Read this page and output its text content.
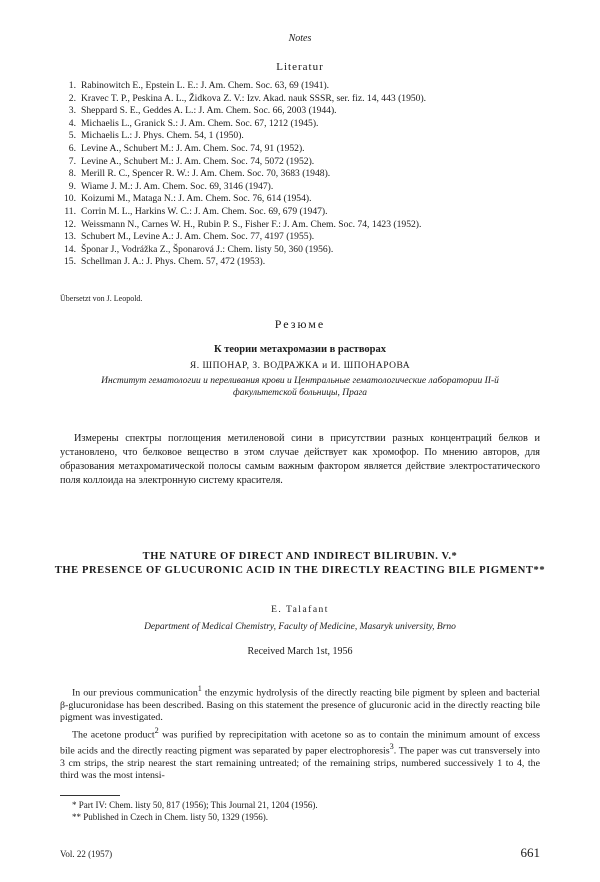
Notes
Literatur
1. Rabinowitch E., Epstein L. E.: J. Am. Chem. Soc. 63, 69 (1941).
2. Kravec T. P., Peskina A. L., Židkova Z. V.: Izv. Akad. nauk SSSR, ser. fiz. 14, 443 (1950).
3. Sheppard S. E., Geddes A. L.: J. Am. Chem. Soc. 66, 2003 (1944).
4. Michaelis L., Granick S.: J. Am. Chem. Soc. 67, 1212 (1945).
5. Michaelis L.: J. Phys. Chem. 54, 1 (1950).
6. Levine A., Schubert M.: J. Am. Chem. Soc. 74, 91 (1952).
7. Levine A., Schubert M.: J. Am. Chem. Soc. 74, 5072 (1952).
8. Merill R. C., Spencer R. W.: J. Am. Chem. Soc. 70, 3683 (1948).
9. Wiame J. M.: J. Am. Chem. Soc. 69, 3146 (1947).
10. Koizumi M., Mataga N.: J. Am. Chem. Soc. 76, 614 (1954).
11. Corrin M. L., Harkins W. C.: J. Am. Chem. Soc. 69, 679 (1947).
12. Weissmann N., Carnes W. H., Rubin P. S., Fisher F.: J. Am. Chem. Soc. 74, 1423 (1952).
13. Schubert M., Levine A.: J. Am. Chem. Soc. 77, 4197 (1955).
14. Šponar J., Vodrážka Z., Šponarová J.: Chem. listy 50, 360 (1956).
15. Schellman J. A.: J. Phys. Chem. 57, 472 (1953).
Übersetzt von J. Leopold.
Резюме
К теории метахромазии в растворах
Я. ШПОНАР, З. ВОДРАЖКА и И. ШПОНАРОВА
Институт гематологии и переливания крови и Центральные гематологические лаборатории II-й факультетской больницы, Прага

Измерены спектры поглощения метиленовой сини в присутствии разных концентраций белков и установлено, что белковое вещество в этом случае действует как хромофор. По мнению авторов, для образования метахроматической полосы самым важным фактором является действие электростатического поля коллоида на электронную систему красителя.

THE NATURE OF DIRECT AND INDIRECT BILIRUBIN. V.*
THE PRESENCE OF GLUCURONIC ACID IN THE DIRECTLY REACTING BILE PIGMENT**
E. Talafant
Department of Medical Chemistry, Faculty of Medicine, Masaryk university, Brno
Received March 1st, 1956

In our previous communication$^1$ the enzymic hydrolysis of the directly reacting bile pigment by spleen and bacterial β-glucuronidase has been described. Basing on this statement the presence of glucuronic acid in the directly reacting bile pigment was investigated.

The acetone product$^2$ was purified by reprecipitation with acetone so as to contain the minimum amount of excess bile acids and the directly reacting pigment was separated by paper electrophoresis$^3$. The paper was cut transversely into 3 cm strips, the strip nearest the start remaining untreated; of the remaining strips, numbered successively 1 to 4, the third was the most intensi-

* Part IV: Chem. listy 50, 817 (1956); This Journal 21, 1204 (1956).
** Published in Czech in Chem. listy 50, 1329 (1956).
Vol. 22 (1957)	661
